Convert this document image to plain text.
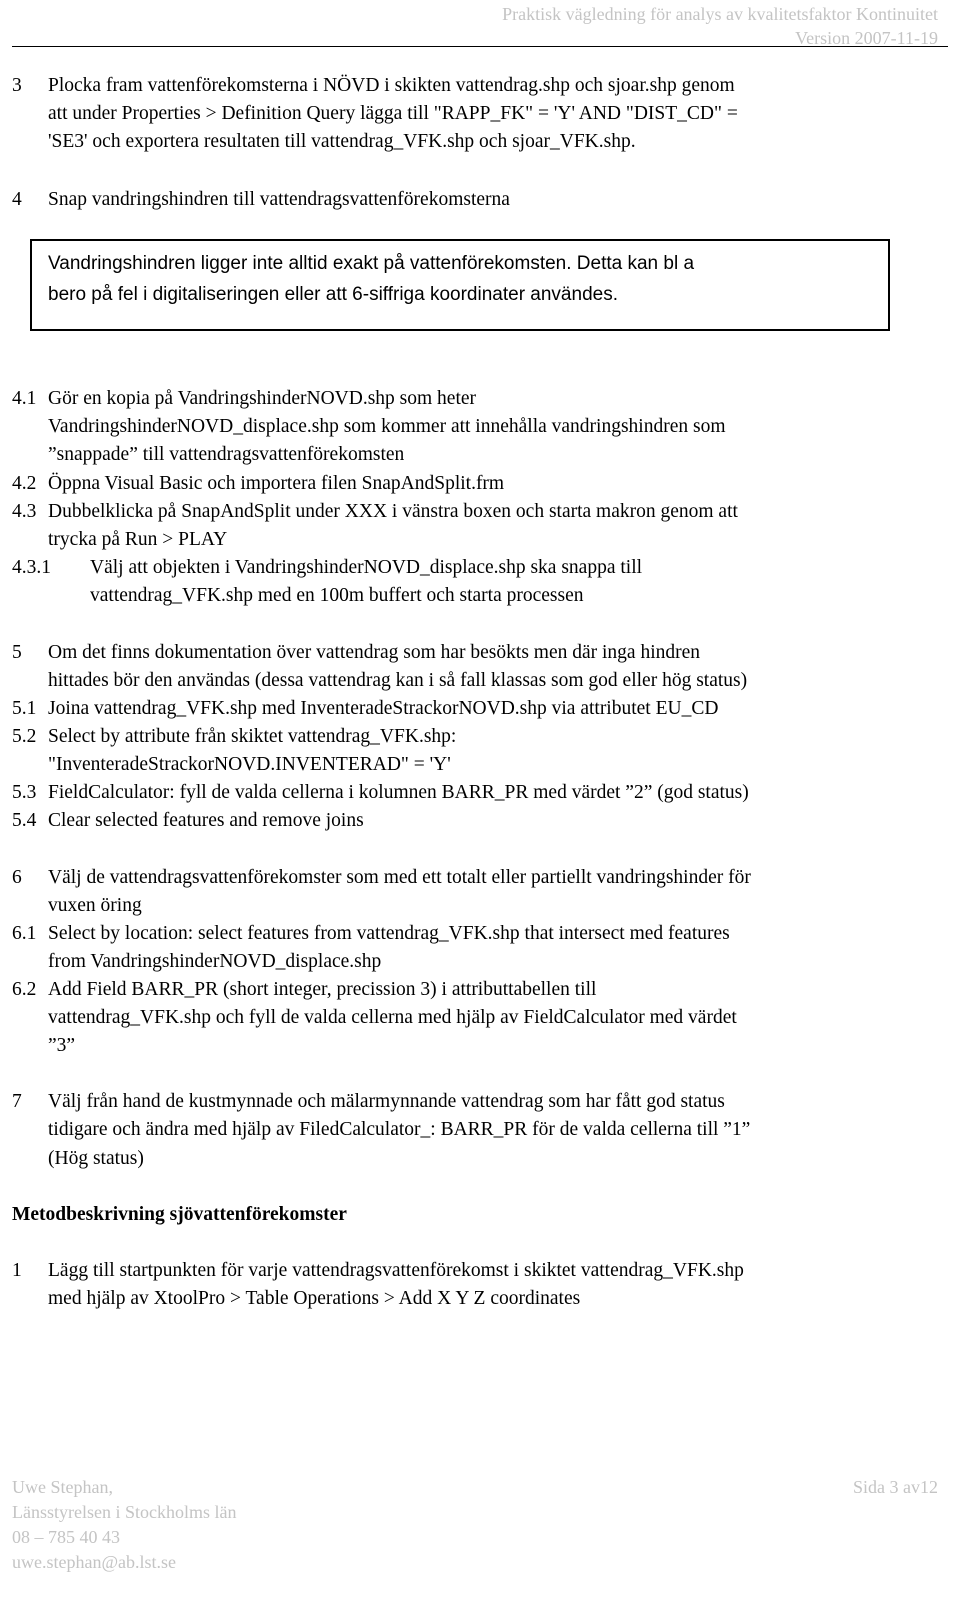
Praktisk vägledning för analys av kvalitetsfaktor Kontinuitet
Version 2007-11-19
3 Plocka fram vattenförekomsterna i NÖVD i skikten vattendrag.shp och sjoar.shp genom
att under Properties > Definition Query lägga till "RAPP_FK" = 'Y' AND "DIST_CD" =
'SE3' och exportera resultaten till vattendrag_VFK.shp och sjoar_VFK.shp.
4 Snap vandringshindren till vattendragsvattenförekomsterna
Vandringshindren ligger inte alltid exakt på vattenförekomsten. Detta kan bl a
bero på fel i digitaliseringen eller att 6-siffriga koordinater användes.
4.1 Gör en kopia på VandringshinderNOVD.shp som heter
VandringshinderNOVD_displace.shp som kommer att innehålla vandringshindren som
”snappade” till vattendragsvattenförekomsten
4.2 Öppna Visual Basic och importera filen SnapAndSplit.frm
4.3 Dubbelklicka på SnapAndSplit under XXX i vänstra boxen och starta makron genom att
trycka på Run > PLAY
4.3.1 Välj att objekten i VandringshinderNOVD_displace.shp ska snappa till
vattendrag_VFK.shp med en 100m buffert och starta processen
5 Om det finns dokumentation över vattendrag som har besökts men där inga hindren
hittades bör den användas (dessa vattendrag kan i så fall klassas som god eller hög status)
5.1 Joina vattendrag_VFK.shp med InventeradeStrackorNOVD.shp via attributet EU_CD
5.2 Select by attribute från skiktet vattendrag_VFK.shp:
"InventeradeStrackorNOVD.INVENTERAD" = 'Y'
5.3 FieldCalculator: fyll de valda cellerna i kolumnen BARR_PR med värdet ”2” (god status)
5.4 Clear selected features and remove joins
6 Välj de vattendragsvattenförekomster som med ett totalt eller partiellt vandringshinder för
vuxen öring
6.1 Select by location: select features from vattendrag_VFK.shp that intersect med features
from VandringshinderNOVD_displace.shp
6.2 Add Field BARR_PR (short integer, precission 3) i attributtabellen till
vattendrag_VFK.shp och fyll de valda cellerna med hjälp av FieldCalculator med värdet
”3”
7 Välj från hand de kustmynnade och mälarmynnande vattendrag som har fått god status
tidigare och ändra med hjälp av FiledCalculator_: BARR_PR för de valda cellerna till ”1”
(Hög status)
Metodbeskrivning sjövattenförekomster
1 Lägg till startpunkten för varje vattendragsvattenförekomst i skiktet vattendrag_VFK.shp
med hjälp av XtoolPro > Table Operations > Add X Y Z coordinates
Uwe Stephan,
Länsstyrelsen i Stockholms län
08 – 785 40 43
uwe.stephan@ab.lst.se
Sida 3 av12
